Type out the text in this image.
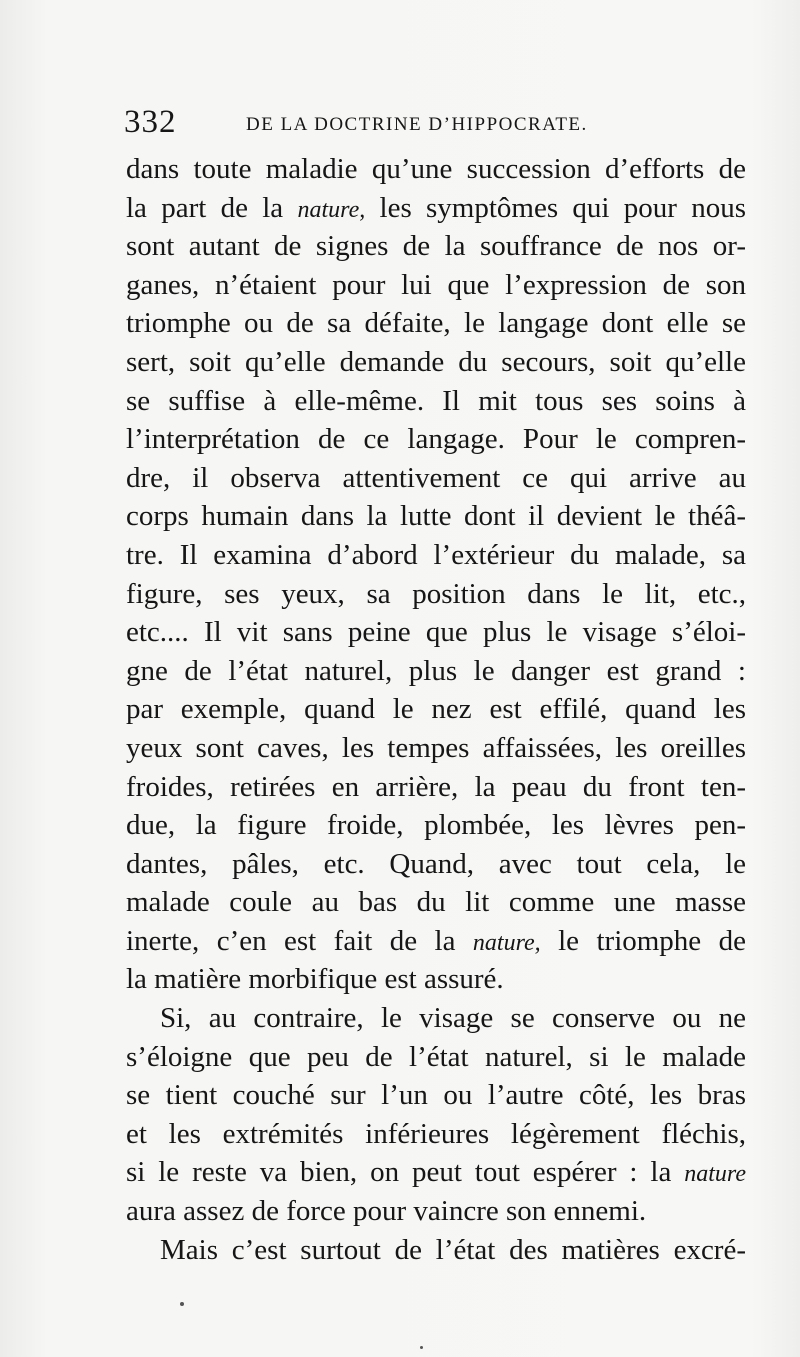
332	DE LA DOCTRINE D’HIPPOCRATE.
dans toute maladie qu’une succession d’efforts de
la part de la nature, les symptômes qui pour nous
sont autant de signes de la souffrance de nos or-
ganes, n’étaient pour lui que l’expression de son
triomphe ou de sa défaite, le langage dont elle se
sert, soit qu’elle demande du secours, soit qu’elle
se suffise à elle-même. Il mit tous ses soins à
l’interprétation de ce langage. Pour le compren-
dre, il observa attentivement ce qui arrive au
corps humain dans la lutte dont il devient le théâ-
tre. Il examina d’abord l’extérieur du malade, sa
figure, ses yeux, sa position dans le lit, etc.,
etc.... Il vit sans peine que plus le visage s’éloi-
gne de l’état naturel, plus le danger est grand :
par exemple, quand le nez est effilé, quand les
yeux sont caves, les tempes affaissées, les oreilles
froides, retirées en arrière, la peau du front ten-
due, la figure froide, plombée, les lèvres pen-
dantes, pâles, etc. Quand, avec tout cela, le
malade coule au bas du lit comme une masse
inerte, c’en est fait de la nature, le triomphe de
la matière morbifique est assuré.
Si, au contraire, le visage se conserve ou ne
s’éloigne que peu de l’état naturel, si le malade
se tient couché sur l’un ou l’autre côté, les bras
et les extrémités inférieures légèrement fléchis,
si le reste va bien, on peut tout espérer : la nature
aura assez de force pour vaincre son ennemi.
Mais c’est surtout de l’état des matières excré-
